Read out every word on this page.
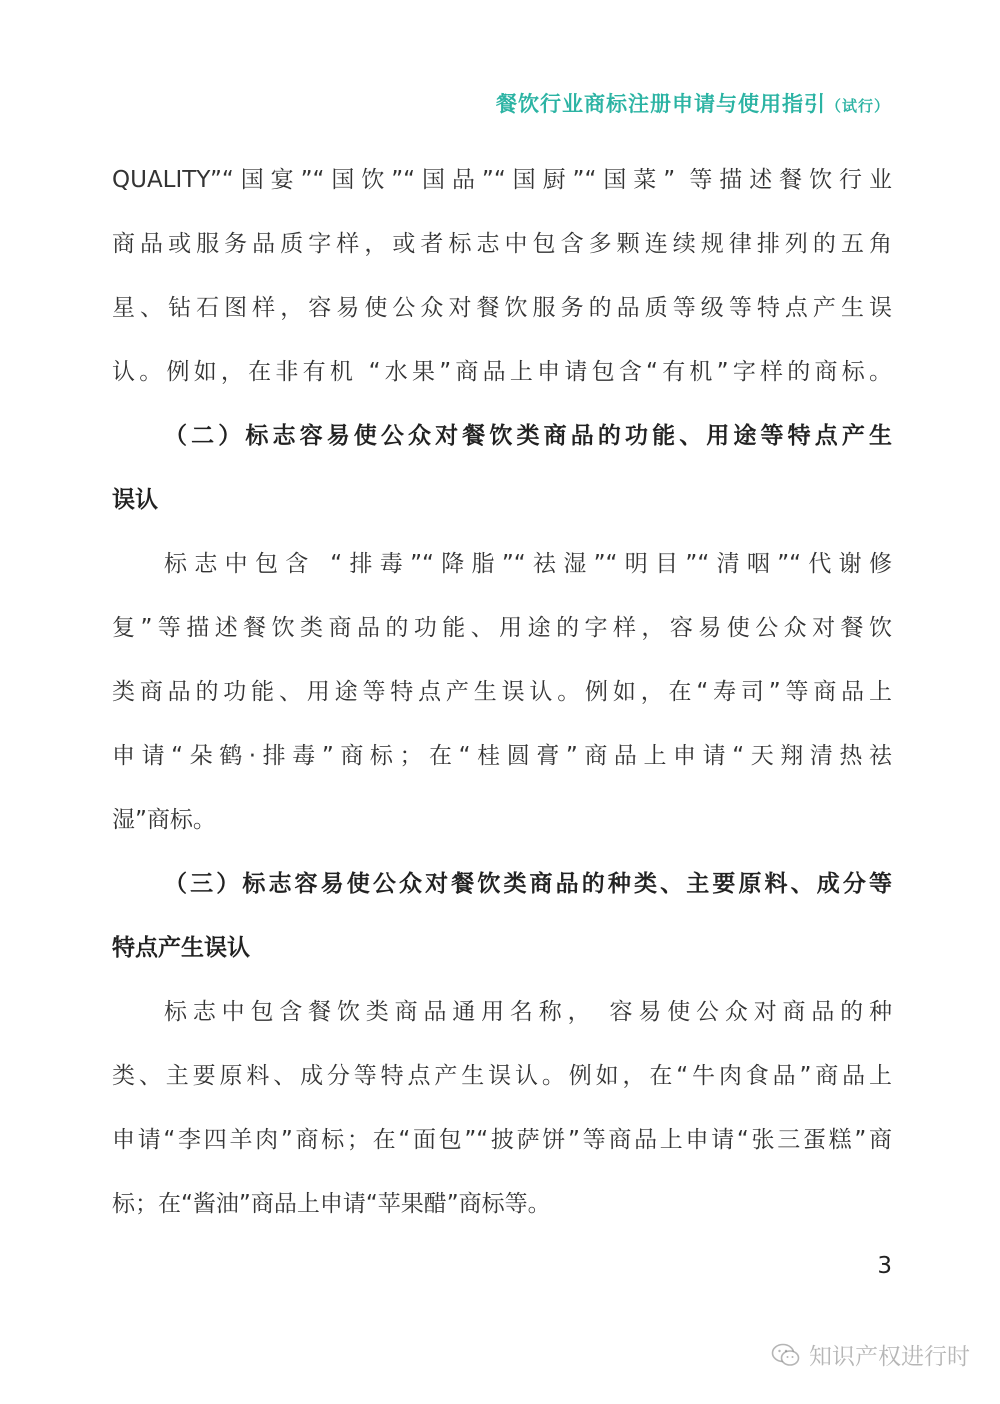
餐饮行业商标注册申请与使用指引（试行）
QUALITY”“国宴”“国饮”“国品”“国厨”“国菜” 等描述餐饮行业
商品或服务品质字样，或者标志中包含多颗连续规律排列的五角
星、钻石图样，容易使公众对餐饮服务的品质等级等特点产生误
认。例如，在非有机 “水果”商品上申请包含“有机”字样的商标。
（二）标志容易使公众对餐饮类商品的功能、用途等特点产生
误认
标志中包含 “排毒”“降脂”“祛湿”“明目”“清咽”“代谢修
复”等描述餐饮类商品的功能、用途的字样，容易使公众对餐饮
类商品的功能、用途等特点产生误认。例如，在“寿司”等商品上
申请“朵鹤·排毒”商标；在“桂圆膏”商品上申请“天翔清热祛
湿”商标。
（三）标志容易使公众对餐饮类商品的种类、主要原料、成分等
特点产生误认
标志中包含餐饮类商品通用名称， 容易使公众对商品的种
类、主要原料、成分等特点产生误认。例如，在“牛肉食品”商品上
申请“李四羊肉”商标；在“面包”“披萨饼”等商品上申请“张三蛋糕”商
标；在“酱油”商品上申请“苹果醋”商标等。
3
知识产权进行时
